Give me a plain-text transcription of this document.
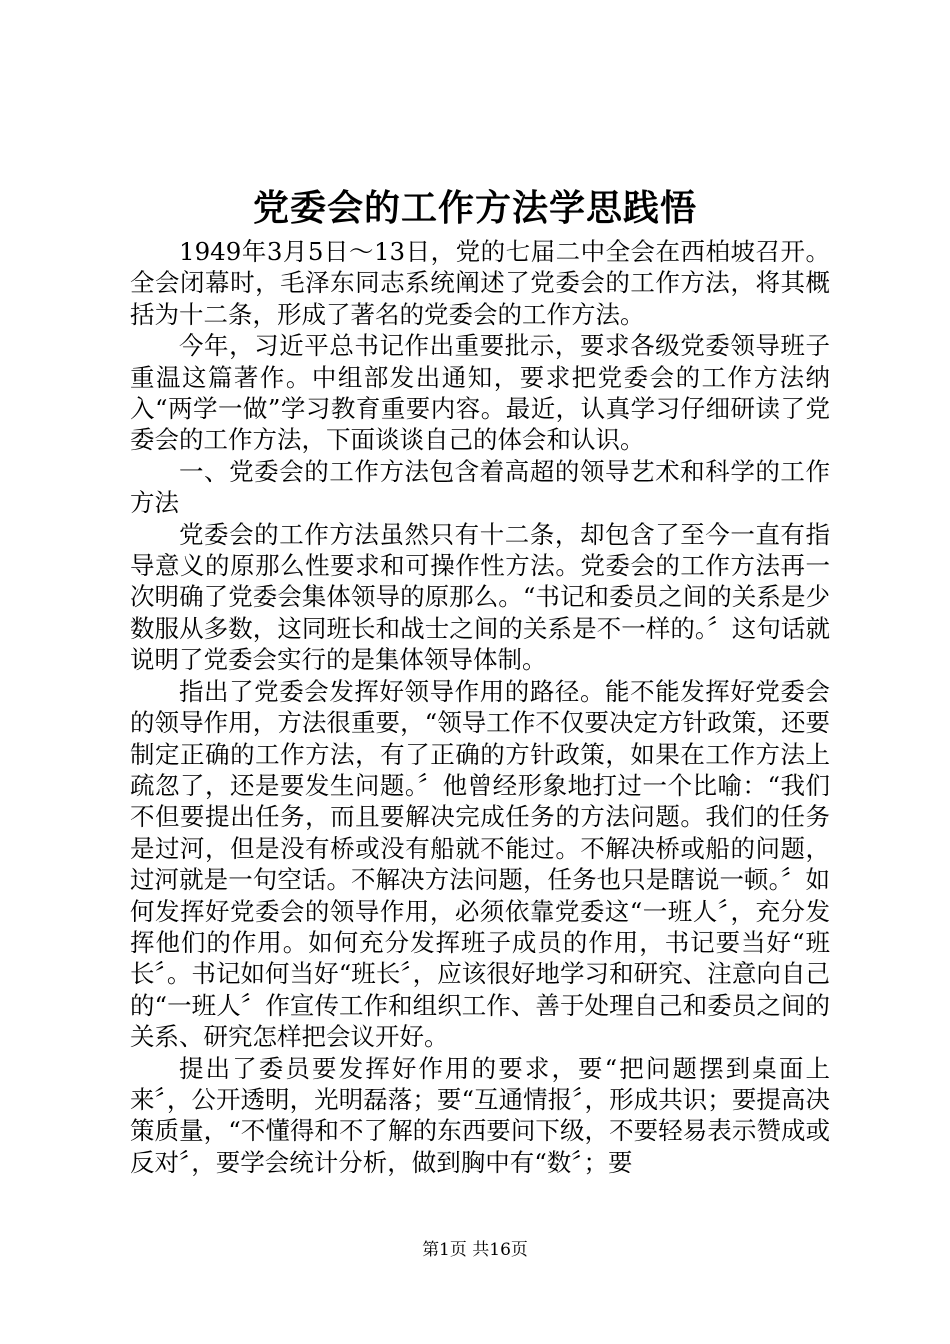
党委会的工作方法学思践悟

1949年3月5日～13日，党的七届二中全会在西柏坡召开。全会闭幕时，毛泽东同志系统阐述了党委会的工作方法，将其概括为十二条，形成了著名的党委会的工作方法。

今年，习近平总书记作出重要批示，要求各级党委领导班子重温这篇著作。中组部发出通知，要求把党委会的工作方法纳入“两学一做”学习教育重要内容。最近，认真学习仔细研读了党委会的工作方法，下面谈谈自己的体会和认识。

一、党委会的工作方法包含着高超的领导艺术和科学的工作方法

党委会的工作方法虽然只有十二条，却包含了至今一直有指导意义的原那么性要求和可操作性方法。党委会的工作方法再一次明确了党委会集体领导的原那么。“书记和委员之间的关系是少数服从多数，这同班长和战士之间的关系是不一样的。〞这句话就说明了党委会实行的是集体领导体制。

指出了党委会发挥好领导作用的路径。能不能发挥好党委会的领导作用，方法很重要，“领导工作不仅要决定方针政策，还要制定正确的工作方法，有了正确的方针政策，如果在工作方法上疏忽了，还是要发生问题。〞他曾经形象地打过一个比喻：“我们不但要提出任务，而且要解决完成任务的方法问题。我们的任务是过河，但是没有桥或没有船就不能过。不解决桥或船的问题，过河就是一句空话。不解决方法问题，任务也只是瞎说一顿。〞如何发挥好党委会的领导作用，必须依靠党委这“一班人〞，充分发挥他们的作用。如何充分发挥班子成员的作用，书记要当好“班长〞。书记如何当好“班长〞，应该很好地学习和研究、注意向自己的“一班人〞作宣传工作和组织工作、善于处理自己和委员之间的关系、研究怎样把会议开好。

提出了委员要发挥好作用的要求，要“把问题摆到桌面上来〞，公开透明，光明磊落；要“互通情报〞，形成共识；要提高决策质量，“不懂得和不了解的东西要问下级，不要轻易表示赞成或反对〞，要学会统计分析，做到胸中有“数〞；要

第1页 共16页
